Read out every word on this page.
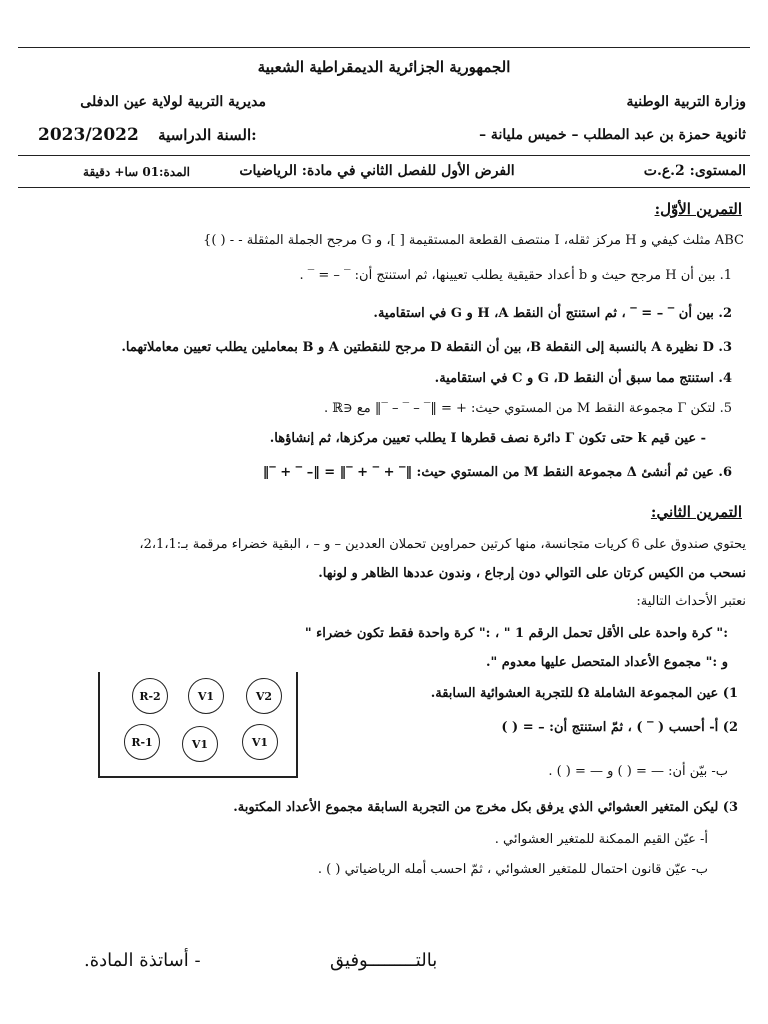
الجمهورية الجزائرية الديمقراطية الشعبية
وزارة التربية الوطنية
مديرية التربية لولاية عين الدفلى
ثانوية حمزة بن عبد المطلب – خميس مليانة –
2023/2022 السنة الدراسية:
المستوى: 2.ع.ت
الفرض الأول للفصل الثاني في مادة: الرياضيات
المدة:01 سا+ دقيقة
التمرين الأوّل:
ABC مثلث كيفي و H مركز ثقله، I منتصف القطعة المستقيمة [ ]، و G مرجح الجملة المثقلة - - ( )}
1. بين أن H مرجح حيث و b أعداد حقيقية يطلب تعيينها، ثم استنتج أن: ‾ – = ‾ .
2. بين أن ‾ – = ‾ ، ثم استنتج أن النقط H ،A و G في استقامية.
3. D نظيرة A بالنسبة إلى النقطة B، بين أن النقطة D مرجح للنقطتين A و B بمعاملين يطلب تعيين معاملاتهما.
4. استنتج مما سبق أن النقط G ،D و C في استقامية.
5. لتكن Γ مجموعة النقط M من المستوي حيث: + = ‖‾ – ‾ – ‾‖ مع ∈ℝ .
- عين قيم k حتى تكون Γ دائرة نصف قطرها I يطلب تعيين مركزها، ثم إنشاؤها.
6. عين ثم أنشئ Δ مجموعة النقط M من المستوي حيث: ‖‾ + ‾ + ‾‖ = ‖– ‾ + ‾‖
التمرين الثاني:
يحتوي صندوق على 6 كريات متجانسة، منها كرتين حمراوين تحملان العددين – و – ، البقية خضراء مرقمة بـ:2،1،1،
نسحب من الكيس كرتان على التوالي دون إرجاع ، وندون عددها الظاهر و لونها.
نعتبر الأحداث التالية:
:" كرة واحدة على الأقل تحمل الرقم 1 " ، :" كرة واحدة فقط تكون خضراء "
و :" مجموع الأعداد المتحصل عليها معدوم ".
1) عين المجموعة الشاملة Ω للتجربة العشوائية السابقة.
2) أ- أحسب ( ‾ ) ، ثمّ استنتج أن: – = ( )
ب- بيّن أن: — = ( ) و — = ( ) .
3) ليكن المتغير العشوائي الذي يرفق بكل مخرج من التجربة السابقة مجموع الأعداد المكتوبة.
أ- عيّن القيم الممكنة للمتغير العشوائي .
ب- عيّن قانون احتمال للمتغير العشوائي ، ثمّ احسب أمله الرياضياتي ( ) .
R-2	V1	V2
R-1	V1	V1
بالتـــــــــوفيق
- أساتذة المادة.
